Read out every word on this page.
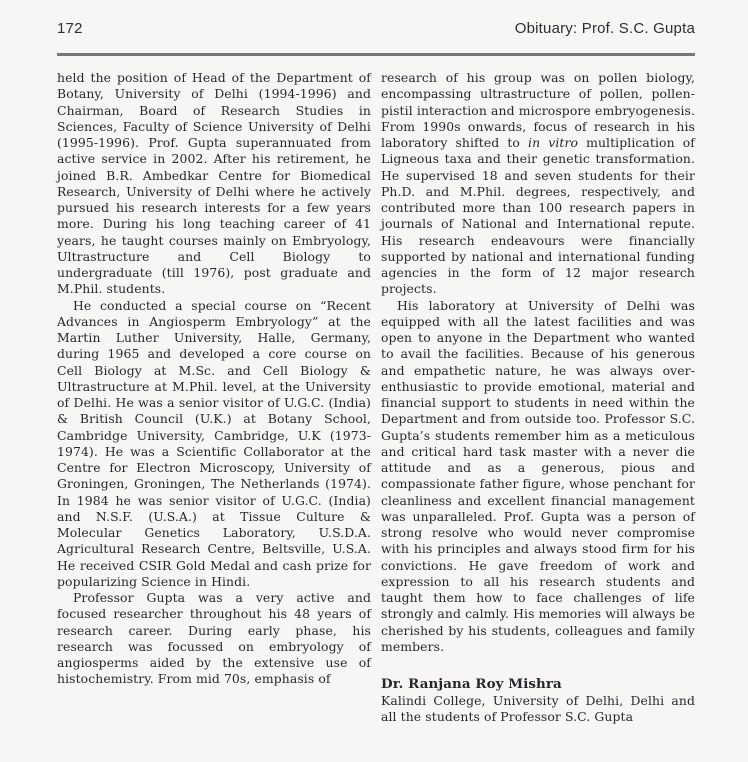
172	Obituary: Prof. S.C. Gupta

held the position of Head of the Department of Botany, University of Delhi (1994-1996) and Chairman, Board of Research Studies in Sciences, Faculty of Science University of Delhi (1995-1996). Prof. Gupta superannuated from active service in 2002. After his retirement, he joined B.R. Ambedkar Centre for Biomedical Research, University of Delhi where he actively pursued his research interests for a few years more. During his long teaching career of 41 years, he taught courses mainly on Embryology, Ultrastructure and Cell Biology to undergraduate (till 1976), post graduate and M.Phil. students.

He conducted a special course on “Recent Advances in Angiosperm Embryology” at the Martin Luther University, Halle, Germany, during 1965 and developed a core course on Cell Biology at M.Sc. and Cell Biology & Ultrastructure at M.Phil. level, at the University of Delhi. He was a senior visitor of U.G.C. (India) & British Council (U.K.) at Botany School, Cambridge University, Cambridge, U.K (1973-1974). He was a Scientific Collaborator at the Centre for Electron Microscopy, University of Groningen, Groningen, The Netherlands (1974). In 1984 he was senior visitor of U.G.C. (India) and N.S.F. (U.S.A.) at Tissue Culture & Molecular Genetics Laboratory, U.S.D.A. Agricultural Research Centre, Beltsville, U.S.A. He received CSIR Gold Medal and cash prize for popularizing Science in Hindi.

Professor Gupta was a very active and focused researcher throughout his 48 years of research career. During early phase, his research was focussed on embryology of angiosperms aided by the extensive use of histochemistry. From mid 70s, emphasis of

research of his group was on pollen biology, encompassing ultrastructure of pollen, pollen-pistil interaction and microspore embryogenesis. From 1990s onwards, focus of research in his laboratory shifted to in vitro multiplication of Ligneous taxa and their genetic transformation. He supervised 18 and seven students for their Ph.D. and M.Phil. degrees, respectively, and contributed more than 100 research papers in journals of National and International repute. His research endeavours were financially supported by national and international funding agencies in the form of 12 major research projects.

His laboratory at University of Delhi was equipped with all the latest facilities and was open to anyone in the Department who wanted to avail the facilities. Because of his generous and empathetic nature, he was always over-enthusiastic to provide emotional, material and financial support to students in need within the Department and from outside too. Professor S.C. Gupta’s students remember him as a meticulous and critical hard task master with a never die attitude and as a generous, pious and compassionate father figure, whose penchant for cleanliness and excellent financial management was unparalleled. Prof. Gupta was a person of strong resolve who would never compromise with his principles and always stood firm for his convictions. He gave freedom of work and expression to all his research students and taught them how to face challenges of life strongly and calmly. His memories will always be cherished by his students, colleagues and family members.

Dr. Ranjana Roy Mishra

Kalindi College, University of Delhi, Delhi and all the students of Professor S.C. Gupta
